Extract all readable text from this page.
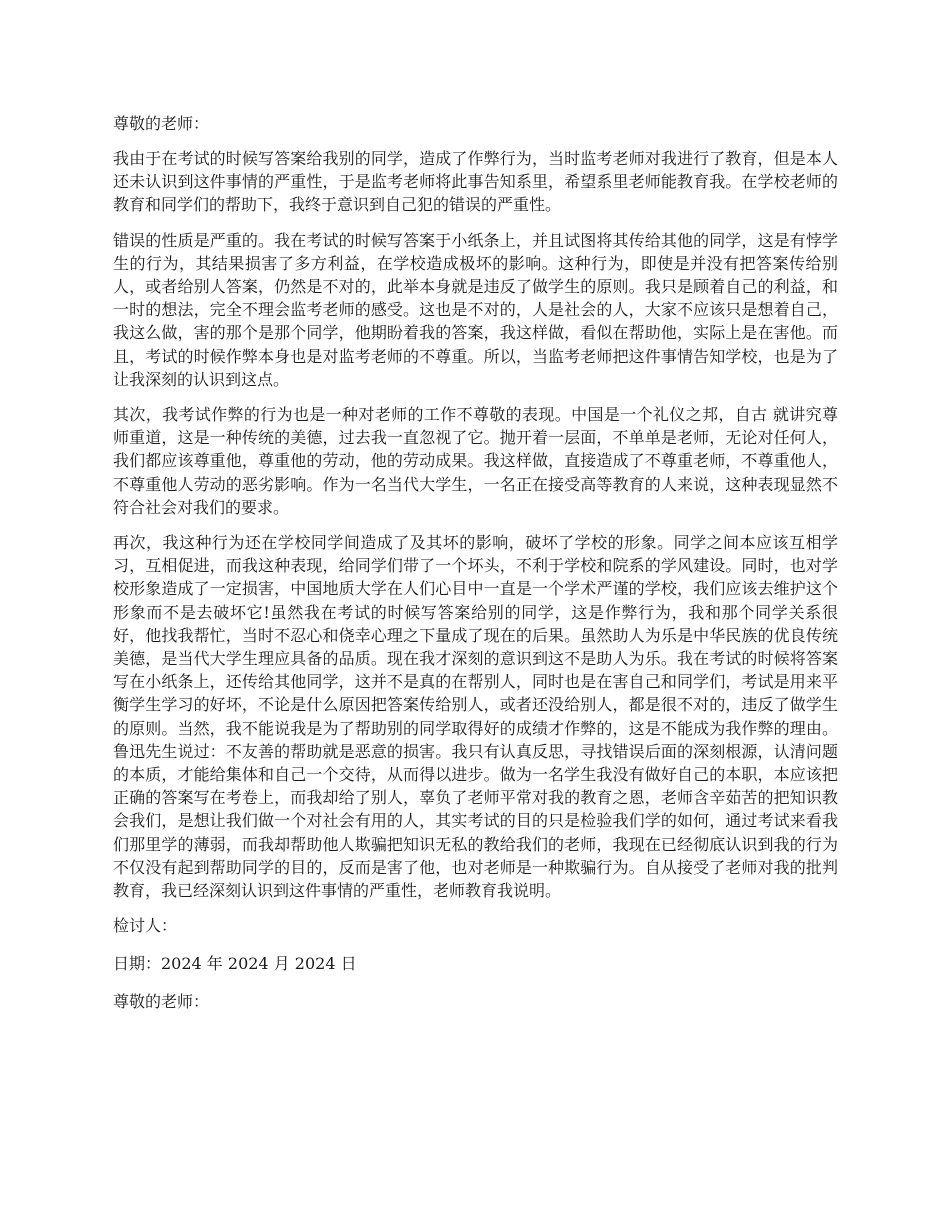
尊敬的老师：

我由于在考试的时候写答案给我别的同学，造成了作弊行为，当时监考老师对我进行了教育，但是本人还未认识到这件事情的严重性，于是监考老师将此事告知系里，希望系里老师能教育我。在学校老师的教育和同学们的帮助下，我终于意识到自己犯的错误的严重性。

错误的性质是严重的。我在考试的时候写答案于小纸条上，并且试图将其传给其他的同学，这是有悖学生的行为，其结果损害了多方利益，在学校造成极坏的影响。这种行为，即使是并没有把答案传给别人，或者给别人答案，仍然是不对的，此举本身就是违反了做学生的原则。我只是顾着自己的利益，和一时的想法，完全不理会监考老师的感受。这也是不对的，人是社会的人，大家不应该只是想着自己，我这么做，害的那个是那个同学，他期盼着我的答案，我这样做，看似在帮助他，实际上是在害他。而且，考试的时候作弊本身也是对监考老师的不尊重。所以，当监考老师把这件事情告知学校，也是为了让我深刻的认识到这点。

其次，我考试作弊的行为也是一种对老师的工作不尊敬的表现。中国是一个礼仪之邦，自古 就讲究尊师重道，这是一种传统的美德，过去我一直忽视了它。抛开着一层面，不单单是老师，无论对任何人，我们都应该尊重他，尊重他的劳动，他的劳动成果。我这样做，直接造成了不尊重老师，不尊重他人，不尊重他人劳动的恶劣影响。作为一名当代大学生，一名正在接受高等教育的人来说，这种表现显然不符合社会对我们的要求。

再次，我这种行为还在学校同学间造成了及其坏的影响，破坏了学校的形象。同学之间本应该互相学习，互相促进，而我这种表现，给同学们带了一个坏头，不利于学校和院系的学风建设。同时，也对学校形象造成了一定损害，中国地质大学在人们心目中一直是一个学术严谨的学校，我们应该去维护这个形象而不是去破坏它!虽然我在考试的时候写答案给别的同学，这是作弊行为，我和那个同学关系很好，他找我帮忙，当时不忍心和侥幸心理之下量成了现在的后果。虽然助人为乐是中华民族的优良传统美德，是当代大学生理应具备的品质。现在我才深刻的意识到这不是助人为乐。我在考试的时候将答案写在小纸条上，还传给其他同学，这并不是真的在帮别人，同时也是在害自己和同学们，考试是用来平衡学生学习的好坏，不论是什么原因把答案传给别人，或者还没给别人，都是很不对的，违反了做学生的原则。当然，我不能说我是为了帮助别的同学取得好的成绩才作弊的，这是不能成为我作弊的理由。鲁迅先生说过：不友善的帮助就是恶意的损害。我只有认真反思，寻找错误后面的深刻根源，认清问题的本质，才能给集体和自己一个交待，从而得以进步。做为一名学生我没有做好自己的本职，本应该把正确的答案写在考卷上，而我却给了别人，辜负了老师平常对我的教育之恩，老师含辛茹苦的把知识教会我们，是想让我们做一个对社会有用的人，其实考试的目的只是检验我们学的如何，通过考试来看我们那里学的薄弱，而我却帮助他人欺骗把知识无私的教给我们的老师，我现在已经彻底认识到我的行为不仅没有起到帮助同学的目的，反而是害了他，也对老师是一种欺骗行为。自从接受了老师对我的批判教育，我已经深刻认识到这件事情的严重性，老师教育我说明。

检讨人：

日期：2024 年 2024 月 2024 日

尊敬的老师：
